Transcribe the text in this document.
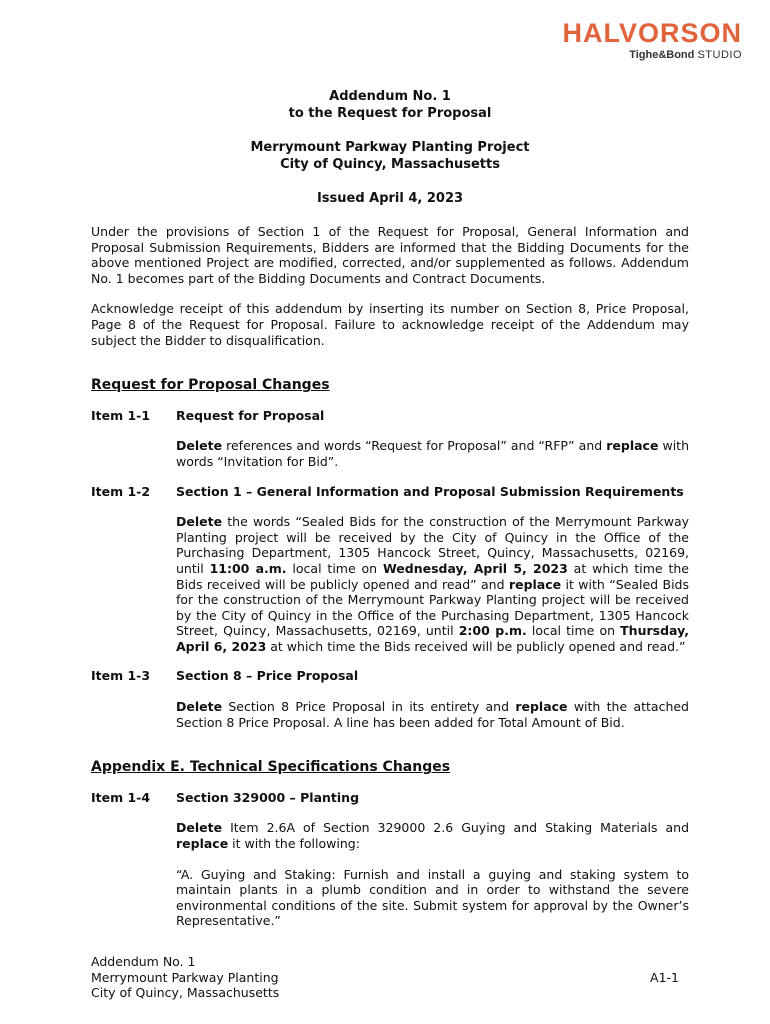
HALVORSON
Tighe&Bond STUDIO
Addendum No. 1
to the Request for Proposal
Merrymount Parkway Planting Project
City of Quincy, Massachusetts
Issued April 4, 2023

Under the provisions of Section 1 of the Request for Proposal, General Information and Proposal Submission Requirements, Bidders are informed that the Bidding Documents for the above mentioned Project are modified, corrected, and/or supplemented as follows. Addendum No. 1 becomes part of the Bidding Documents and Contract Documents.

Acknowledge receipt of this addendum by inserting its number on Section 8, Price Proposal, Page 8 of the Request for Proposal. Failure to acknowledge receipt of the Addendum may subject the Bidder to disqualification.

Request for Proposal Changes
Item 1-1	Request for Proposal

Delete references and words “Request for Proposal” and “RFP” and replace with words “Invitation for Bid”.

Item 1-2	Section 1 – General Information and Proposal Submission Requirements

Delete the words “Sealed Bids for the construction of the Merrymount Parkway Planting project will be received by the City of Quincy in the Office of the Purchasing Department, 1305 Hancock Street, Quincy, Massachusetts, 02169, until 11:00 a.m. local time on Wednesday, April 5, 2023 at which time the Bids received will be publicly opened and read” and replace it with “Sealed Bids for the construction of the Merrymount Parkway Planting project will be received by the City of Quincy in the Office of the Purchasing Department, 1305 Hancock Street, Quincy, Massachusetts, 02169, until 2:00 p.m. local time on Thursday, April 6, 2023 at which time the Bids received will be publicly opened and read.”

Item 1-3	Section 8 – Price Proposal

Delete Section 8 Price Proposal in its entirety and replace with the attached Section 8 Price Proposal. A line has been added for Total Amount of Bid.

Appendix E. Technical Specifications Changes
Item 1-4	Section 329000 – Planting

Delete Item 2.6A of Section 329000 2.6 Guying and Staking Materials and replace it with the following:

“A. Guying and Staking: Furnish and install a guying and staking system to maintain plants in a plumb condition and in order to withstand the severe environmental conditions of the site. Submit system for approval by the Owner’s Representative.”

Addendum No. 1
Merrymount Parkway Planting
City of Quincy, Massachusetts
A1-1
